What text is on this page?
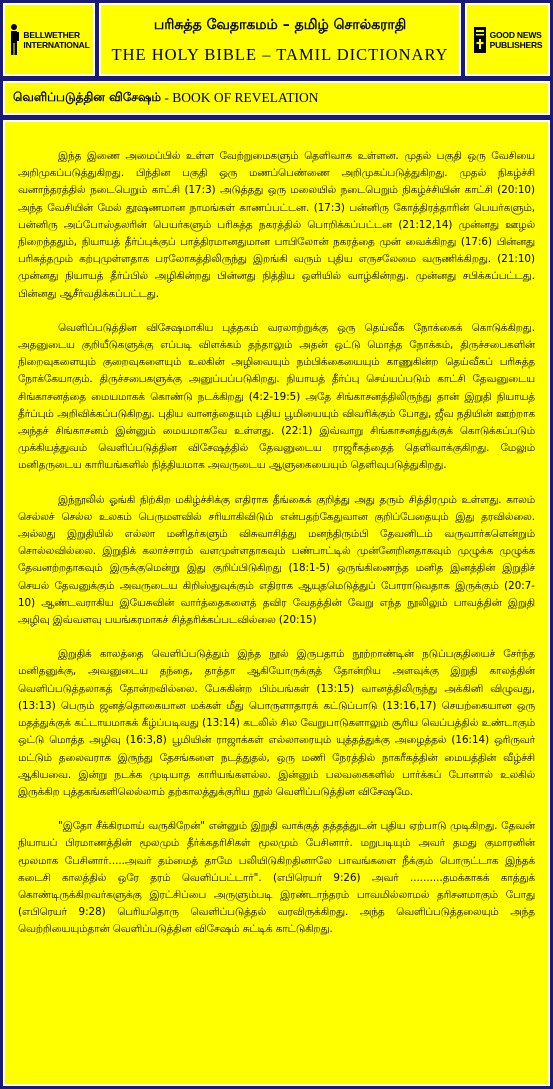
BELLWETHER
INTERNATIONAL
பரிசுத்த வேதாகமம் – தமிழ் சொல்கராதி
THE HOLY BIBLE – TAMIL DICTIONARY
GOOD NEWS
PUBLISHERS
வெளிப்படுத்தின விசேஷம் - BOOK OF REVELATION

இந்த இணை அமைப்பில் உள்ள வேற்றுமைகளும் தெளிவாக உள்ளன. முதல் பகுதி ஒரு வேசியை அறிமுகப்படுத்துகிறது. பிந்தின பகுதி ஒரு மணப்பெண்ணை அறிமுகப்படுத்துகிறது. முதல் நிகழ்ச்சி வனாந்தரத்தில் நடைபெறும் காட்சி (17:3) அடுத்தது ஒரு மலையில் நடைபெறும் நிகழ்ச்சியின் காட்சி (20:10) அந்த வேசியின் மேல் தூஷணமான நாமங்கள் காணப்பட்டன. (17:3) பன்னிரு கோத்திரத்தாரின் பெயர்களும், பன்னிரு அப்போஸ்தலரின் பெயர்களும் பரிசுத்த நகரத்தில் பொறிக்கப்பட்டன (21:12,14) முன்னது ஊழல் நிறைந்ததும், நியாயத் தீர்ப்புக்குப் பாத்திரமானதுமான பாபிலோன் நகரத்தை முன் வைக்கிறது (17:6) பின்னது பரிசுத்தமும் கற்புமுள்ளதாக பரலோகத்திலிருந்து இறங்கி வரும் புதிய எருசலேமை வருணிக்கிறது. (21:10) முன்னது நியாயத் தீர்ப்பில் அழிகின்றது பின்னது நித்திய ஒளியில் வாழ்கின்றது. முன்னது சபிக்கப்பட்டது. பின்னது ஆசீர்வதிக்கப்பட்டது.

வெளிப்படுத்தின விசேஷமாகிய புத்தகம் வரலாற்றுக்கு ஒரு தெய்வீக நோக்கைக் கொடுக்கிறது. அதனுடைய குறியீடுகளுக்கு எப்படி விளக்கம் தந்தாலும் அதன் ஒட்டு மொத்த நோக்கம், திருச்சபைகளின் நிறைவுகளையும் குறைவுகளையும் உலகின் அழிவையும் நம்பிக்கையையும் காணுகின்ற தெய்வீகப் பரிசுத்த நோக்கேயாகும். திருச்சபைகளுக்கு அனுப்பப்படுகிறது. நியாயத் தீர்ப்பு செய்யப்படும் காட்சி தேவனுடைய சிங்காசனத்தை மையமாகக் கொண்டு நடக்கிறது (4:2-19:5) அதே சிங்காசனத்திலிருந்து தான் இறுதி நியாயத் தீர்ப்பும் அறிவிக்கப்படுகிறது. புதிய வானத்தையும் புதிய பூமியையும் விவரிக்கும் போது, ஜீவ நதியின் ஊற்றாக அந்தச் சிங்காசனம் இன்னும் மையமாகவே உள்ளது. (22:1) இவ்வாறு சிங்காசனத்துக்குக் கொடுக்கப்படும் முக்கியத்துவம் வெளிப்படுத்தின விசேஷத்தில் தேவனுடைய ராஜரீகத்தைத் தெளிவாக்குகிறது. மேலும் மனிதருடைய காரியங்களில் நித்தியமாக அவருடைய ஆளுகையையும் தெளிவுபடுத்துகிறது.

இந்நூலில் ஓங்கி நிற்கிற மகிழ்ச்சிக்கு எதிராக தீங்கைக் குறித்து அது தரும் சித்திரமும் உள்ளது. காலம் செல்லச் செல்ல உலகம் பெருமளவில் சரியாகிவிடும் என்பதற்கேதுவான குறிப்பேதையும் இது தரவில்லை. அல்லது இறுதியில் எல்லா மனிதர்களும் விசுவாசித்து மனந்திரும்பி தேவனிடம் வருவார்களென்றும் சொல்லவில்லை. இறுதிக் கலாச்சாரம் வளமுள்ளதாகவும் பண்பாட்டில் முன்னேறினதாகவும் முழுக்க முழுக்க தேவனற்றதாகவும் இருக்குமென்று இது குறிப்பிடுகிறது (18:1-5) ஒருங்கிணைந்த மனித இனத்தின் இறுதிச் செயல் தேவனுக்கும் அவருடைய கிறிஸ்துவுக்கும் எதிராக ஆயுதமெடுத்துப் போராடுவதாக இருக்கும் (20:7-10) ஆண்டவராகிய இயேசுவின் வார்த்தைகளைத் தவிர வேதத்தின் வேறு எந்த நூலிலும் பாவத்தின் இறுதி அழிவு இவ்வளவு பயங்கரமாகச் சித்தரிக்கப்படவில்லை (20:15)

இறுதிக் காலத்தை வெளிப்படுத்தும் இந்த நூல் இருபதாம் நூற்றாண்டின் நடுப்பகுதியைச் சேர்ந்த மனிதனுக்கு, அவனுடைய தந்தை, தாத்தா ஆகியோருக்குத் தோன்றிய அளவுக்கு இறுதி காலத்தின் வெளிப்படுத்தலாகத் தோன்றவில்லை. பேசுகின்ற பிம்பங்கள் (13:15) வானத்திலிருந்து அக்கினி விழுவது, (13:13) பெரும் ஜனத்தொகையான மக்கள் மீது பொருளாதாரக் கட்டுப்பாடு (13:16,17) செயற்கையான ஒரு மதத்துக்குக் கட்டாயமாகக் கீழ்ப்படிவது (13:14) கடலில் சில வேறுபாடுகளாலும் சூரிய வெப்பத்தில் உண்டாகும் ஒட்டு மொத்த அழிவு (16:3,8) பூமியின் ராஜாக்கள் எல்லாரையும் யுத்தத்துக்கு அழைத்தல் (16:14) ஒரிருவர் மட்டும் தலைவராக இருந்து தேசங்களை நடத்துதல், ஒரு மணி நேரத்தில் நாகரீகத்தின் மையத்தின் வீழ்ச்சி ஆகியவை. இன்று நடக்க முடியாத காரியங்களல்ல. இன்னும் பலவகைகளில் பார்க்கப் போனால் உலகில் இருக்கிற புத்தகங்களிலெல்லாம் தற்காலத்துக்குரிய நூல் வெளிப்படுத்தின விசேஷமே.

"இதோ சீக்கிரமாய் வருகிறேன்" என்னும் இறுதி வாக்குத் தத்தத்துடன் புதிய ஏற்பாடு முடிகிறது. தேவன் நியாயப் பிரமாணத்தின் மூலமும் தீர்க்கதரிசிகள் மூலமும் பேசினார். மறுபடியும் அவர் தமது குமாரனின் மூலமாக பேசினார்.....அவர் தம்மைத் தாமே பலியிடுகிறதினாலே பாவங்களை நீக்கும் பொருட்டாக இந்தக் கடைசி காலத்தில் ஒரே தரம் வெளிப்பட்டார்". (எபிரெயர் 9:26) அவர் ..........தமக்காகக் காத்துக் கொண்டிருக்கிறவர்களுக்கு இரட்சிப்பை அருளும்படி இரண்டாந்தரம் பாவமில்லாமல் தரிசனமாகும் போது (எபிரெயர் 9:28) பெரியதொரு வெளிப்படுத்தல் வரவிருக்கிறது. அந்த வெளிப்படுத்தலையும் அந்த வெற்றியையும்தான் வெளிப்படுத்தின விசேஷம் சுட்டிக் காட்டுகிறது.
